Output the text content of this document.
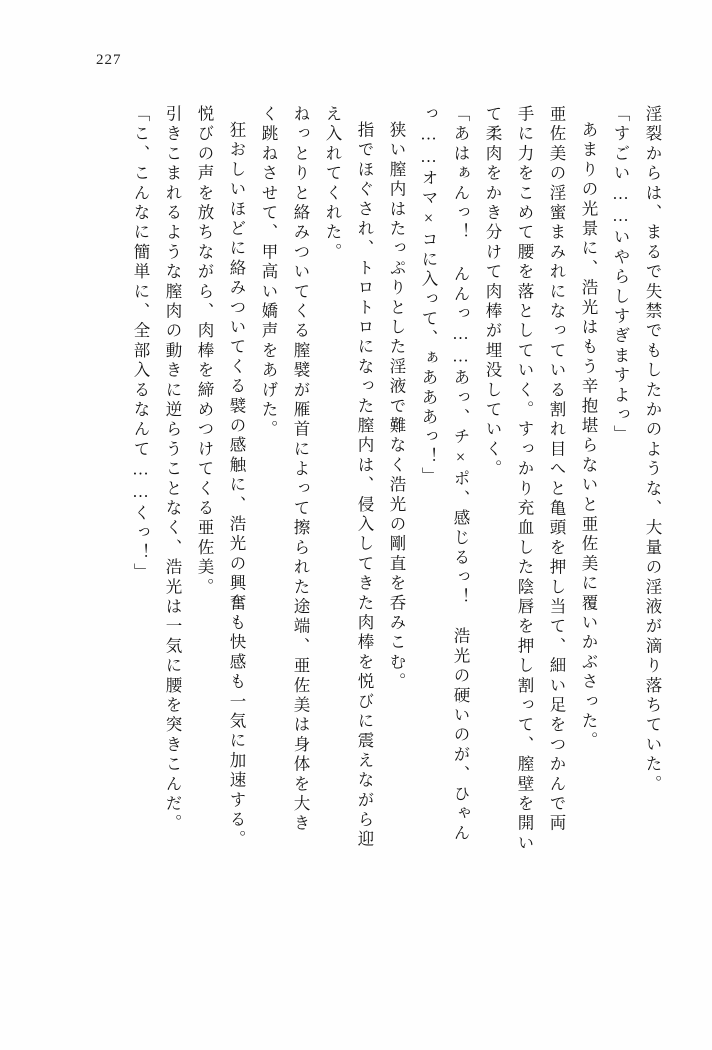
227
淫裂からは、まるで失禁でもしたかのような、大量の淫液が滴り落ちていた。
「すごい……いやらしすぎますよっ」
あまりの光景に、浩光はもう辛抱堪らないと亜佐美に覆いかぶさった。
亜佐美の淫蜜まみれになっている割れ目へと亀頭を押し当て、細い足をつかんで両
手に力をこめて腰を落としていく。すっかり充血した陰唇を押し割って、膣壁を開い
て柔肉をかき分けて肉棒が埋没していく。
「あはぁんっ！ んんっ……あっ、チ×ポ、感じるっ！　浩光の硬いのが、ひゃん
っ……オマ×コに入って、ぁあああっ！」
狭い膣内はたっぷりとした淫液で難なく浩光の剛直を呑みこむ。
指でほぐされ、トロトロになった膣内は、侵入してきた肉棒を悦びに震えながら迎
え入れてくれた。
ねっとりと絡みついてくる膣襞が雁首によって擦られた途端、亜佐美は身体を大き
く跳ねさせて、甲高い嬌声をあげた。
狂おしいほどに絡みついてくる襞の感触に、浩光の興奮も快感も一気に加速する。
悦びの声を放ちながら、肉棒を締めつけてくる亜佐美。
引きこまれるような膣肉の動きに逆らうことなく、浩光は一気に腰を突きこんだ。
「こ、こんなに簡単に、全部入るなんて……くっ！」
